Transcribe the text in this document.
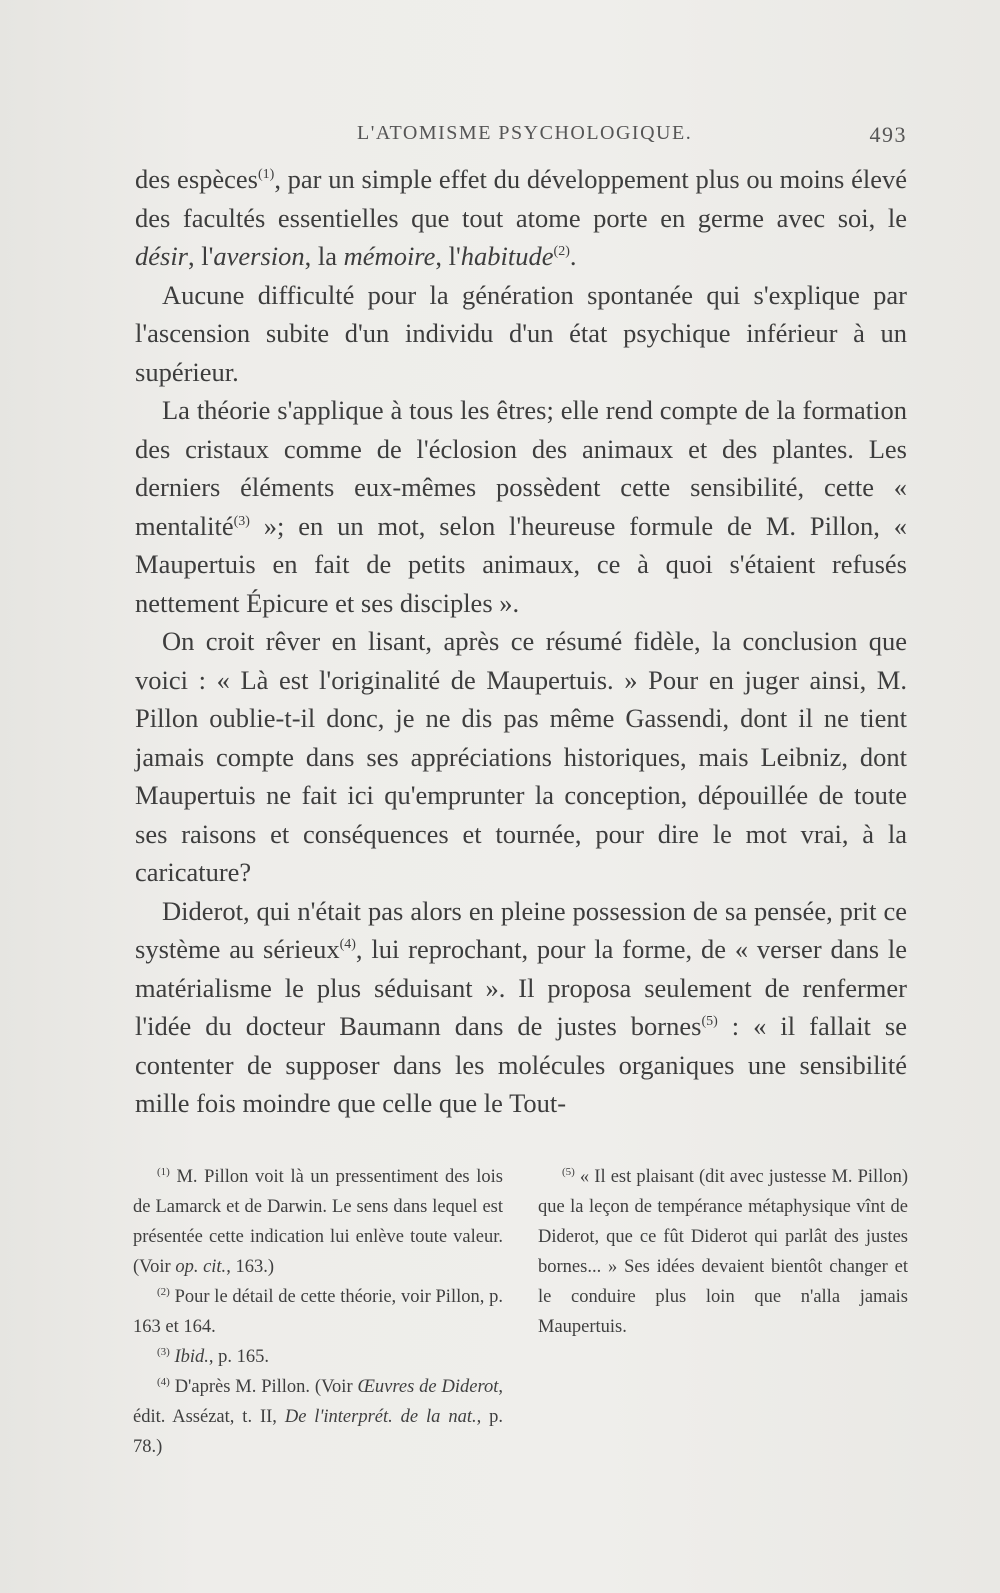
L'ATOMISME PSYCHOLOGIQUE.	493

des espèces$^{(1)}$, par un simple effet du développement plus ou moins élevé des facultés essentielles que tout atome porte en germe avec soi, le désir, l'aversion, la mémoire, l'habitude$^{(2)}$.

Aucune difficulté pour la génération spontanée qui s'explique par l'ascension subite d'un individu d'un état psychique inférieur à un supérieur.

La théorie s'applique à tous les êtres; elle rend compte de la formation des cristaux comme de l'éclosion des animaux et des plantes. Les derniers éléments eux-mêmes possèdent cette sensibilité, cette « mentalité$^{(3)}$ »; en un mot, selon l'heureuse formule de M. Pillon, « Maupertuis en fait de petits animaux, ce à quoi s'étaient refusés nettement Épicure et ses disciples ».

On croit rêver en lisant, après ce résumé fidèle, la conclusion que voici : « Là est l'originalité de Maupertuis. » Pour en juger ainsi, M. Pillon oublie-t-il donc, je ne dis pas même Gassendi, dont il ne tient jamais compte dans ses appréciations historiques, mais Leibniz, dont Maupertuis ne fait ici qu'emprunter la conception, dépouillée de toute ses raisons et conséquences et tournée, pour dire le mot vrai, à la caricature?

Diderot, qui n'était pas alors en pleine possession de sa pensée, prit ce système au sérieux$^{(4)}$, lui reprochant, pour la forme, de « verser dans le matérialisme le plus séduisant ». Il proposa seulement de renfermer l'idée du docteur Baumann dans de justes bornes$^{(5)}$ : « il fallait se contenter de supposer dans les molécules organiques une sensibilité mille fois moindre que celle que le Tout-

$^{(1)}$ M. Pillon voit là un pressentiment des lois de Lamarck et de Darwin. Le sens dans lequel est présentée cette indication lui enlève toute valeur. (Voir op. cit., 163.)

$^{(2)}$ Pour le détail de cette théorie, voir Pillon, p. 163 et 164.

$^{(3)}$ Ibid., p. 165.

$^{(4)}$ D'après M. Pillon. (Voir Œuvres de Diderot, édit. Assézat, t. II, De l'interprét. de la nat., p. 78.)

$^{(5)}$ « Il est plaisant (dit avec justesse M. Pillon) que la leçon de tempérance métaphysique vînt de Diderot, que ce fût Diderot qui parlât des justes bornes... » Ses idées devaient bientôt changer et le conduire plus loin que n'alla jamais Maupertuis.
